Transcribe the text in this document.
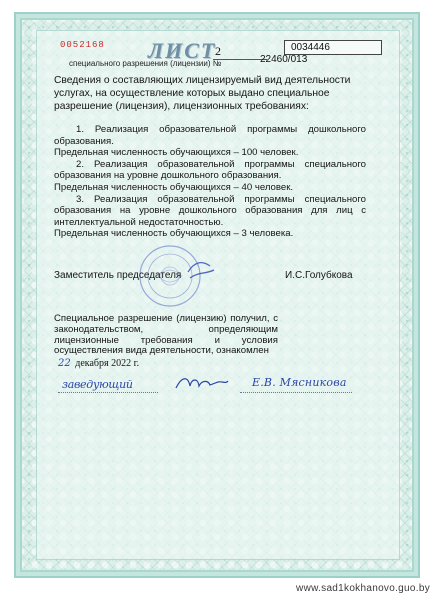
0052168 ЛИСТ
2	0034446
специального разрешения (лицензии) №	22460/013
Сведения о составляющих лицензируемый вид деятельности услугах, на осуществление которых выдано специальное разрешение (лицензия), лицензионных требованиях:

1. Реализация образовательной программы дошкольного образования.

Предельная численность обучающихся – 100 человек.

2. Реализация образовательной программы специального образования на уровне дошкольного образования.

Предельная численность обучающихся – 40 человек.

3. Реализация образовательной программы специального образования на уровне дошкольного образования для лиц с интеллектуальной недостаточностью.

Предельная численность обучающихся – 3 человека.

Заместитель председателя	И.С.Голубкова

Специальное разрешение (лицензию) получил, с законодательством, определяющим лицензионные требования и условия осуществления вида деятельности, ознакомлен

22 декабря 2022 г.
заведующий	Е.В. Мясникова
www.sad1kokhanovo.guo.by
